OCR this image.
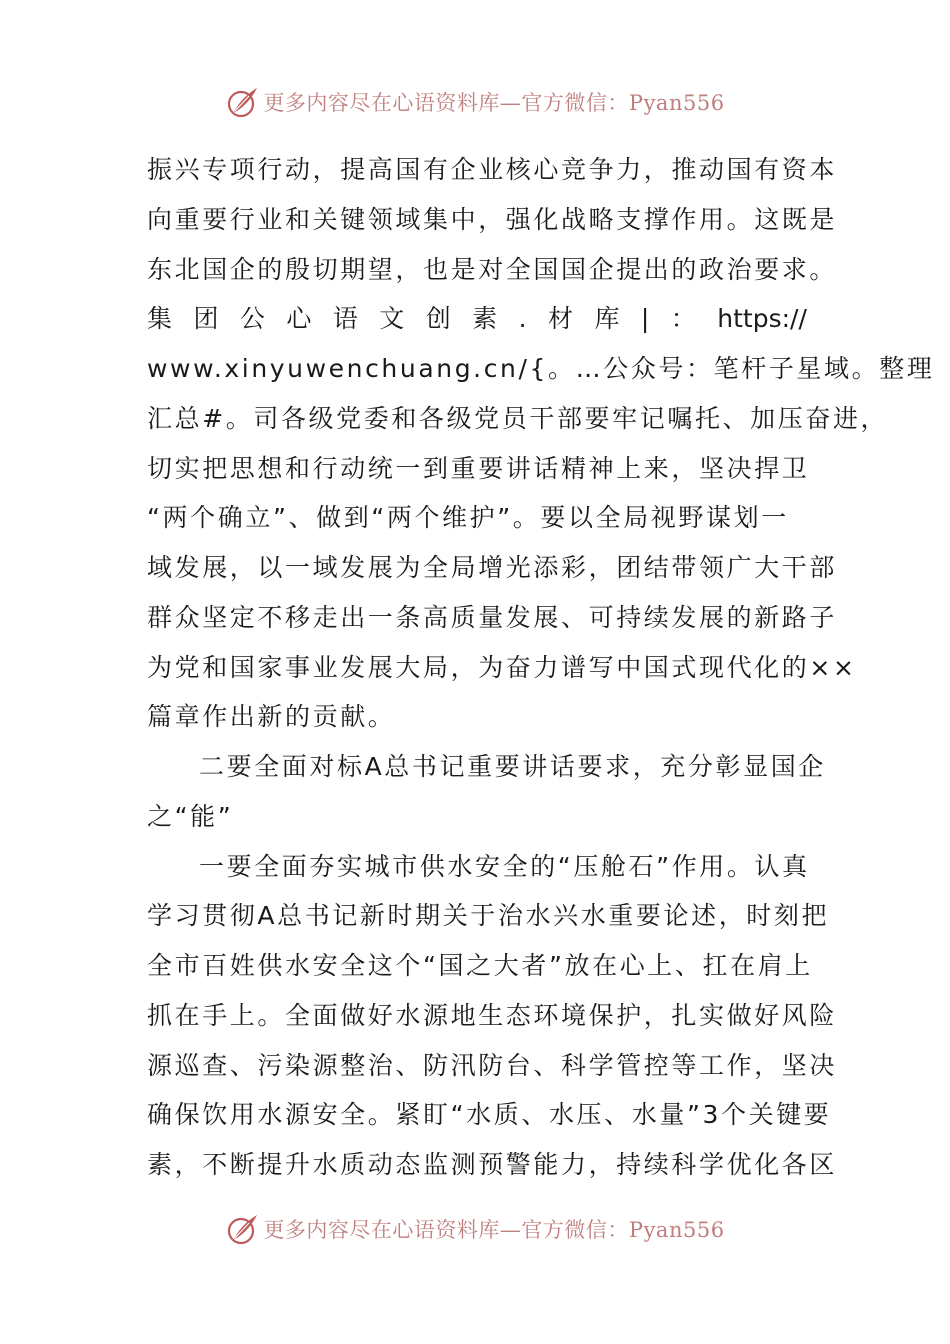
更多内容尽在心语资料库—官方微信：Pyan556
振兴专项行动，提高国有企业核心竞争力，推动国有资本
向重要行业和关键领域集中，强化战略支撑作用。这既是
东北国企的殷切期望，也是对全国国企提出的政治要求。
集 团 公 心 语 文 创 素 . 材 库 | ： https://
www.xinyuwenchuang.cn/{。…公众号：笔杆子星域。整理
汇总#。司各级党委和各级党员干部要牢记嘱托、加压奋进，
切实把思想和行动统一到重要讲话精神上来，坚决捍卫
“两个确立”、做到“两个维护”。要以全局视野谋划一
域发展，以一域发展为全局增光添彩，团结带领广大干部
群众坚定不移走出一条高质量发展、可持续发展的新路子
为党和国家事业发展大局，为奋力谱写中国式现代化的××
篇章作出新的贡献。
二要全面对标A总书记重要讲话要求，充分彰显国企
之“能”
一要全面夯实城市供水安全的“压舱石”作用。认真
学习贯彻A总书记新时期关于治水兴水重要论述，时刻把
全市百姓供水安全这个“国之大者”放在心上、扛在肩上
抓在手上。全面做好水源地生态环境保护，扎实做好风险
源巡查、污染源整治、防汛防台、科学管控等工作，坚决
确保饮用水源安全。紧盯“水质、水压、水量”3个关键要
素，不断提升水质动态监测预警能力，持续科学优化各区
更多内容尽在心语资料库—官方微信：Pyan556
